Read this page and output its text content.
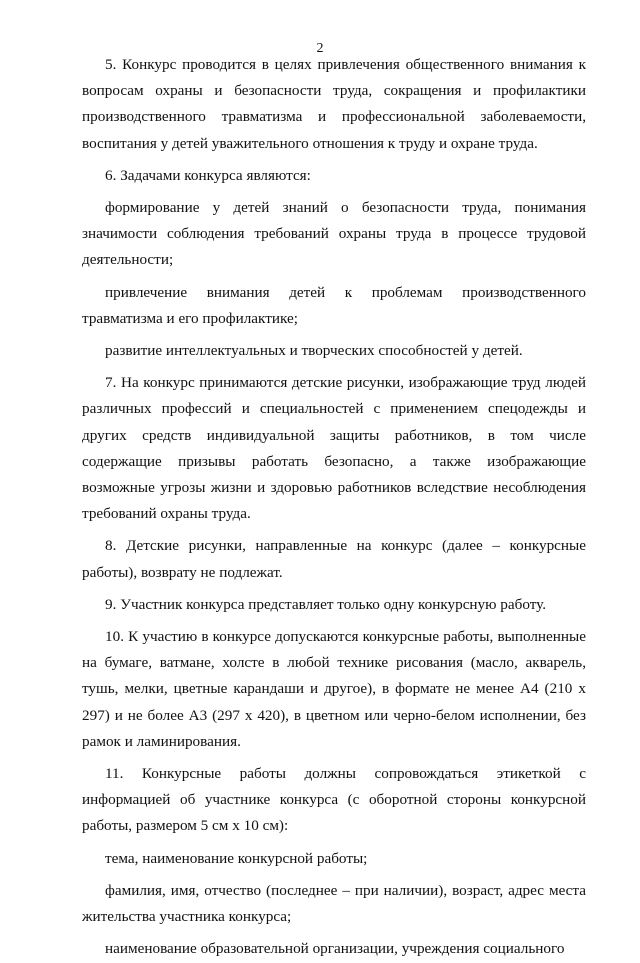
2

5. Конкурс проводится в целях привлечения общественного внимания к вопросам охраны и безопасности труда, сокращения и профилактики производственного травматизма и профессиональной заболеваемости, воспитания у детей уважительного отношения к труду и охране труда.

6. Задачами конкурса являются:

формирование у детей знаний о безопасности труда, понимания значимости соблюдения требований охраны труда в процессе трудовой деятельности;

привлечение внимания детей к проблемам производственного травматизма и его профилактике;

развитие интеллектуальных и творческих способностей у детей.

7. На конкурс принимаются детские рисунки, изображающие труд людей различных профессий и специальностей с применением спецодежды и других средств индивидуальной защиты работников, в том числе содержащие призывы работать безопасно, а также изображающие возможные угрозы жизни и здоровью работников вследствие несоблюдения требований охраны труда.

8. Детские рисунки, направленные на конкурс (далее – конкурсные работы), возврату не подлежат.

9. Участник конкурса представляет только одну конкурсную работу.

10. К участию в конкурсе допускаются конкурсные работы, выполненные на бумаге, ватмане, холсте в любой технике рисования (масло, акварель, тушь, мелки, цветные карандаши и другое), в формате не менее А4 (210 х 297) и не более А3 (297 х 420), в цветном или черно-белом исполнении, без рамок и ламинирования.

11. Конкурсные работы должны сопровождаться этикеткой с информацией об участнике конкурса (с оборотной стороны конкурсной работы, размером 5 см х 10 см):

тема, наименование конкурсной работы;

фамилия, имя, отчество (последнее – при наличии), возраст, адрес места жительства участника конкурса;

наименование образовательной организации, учреждения социального
